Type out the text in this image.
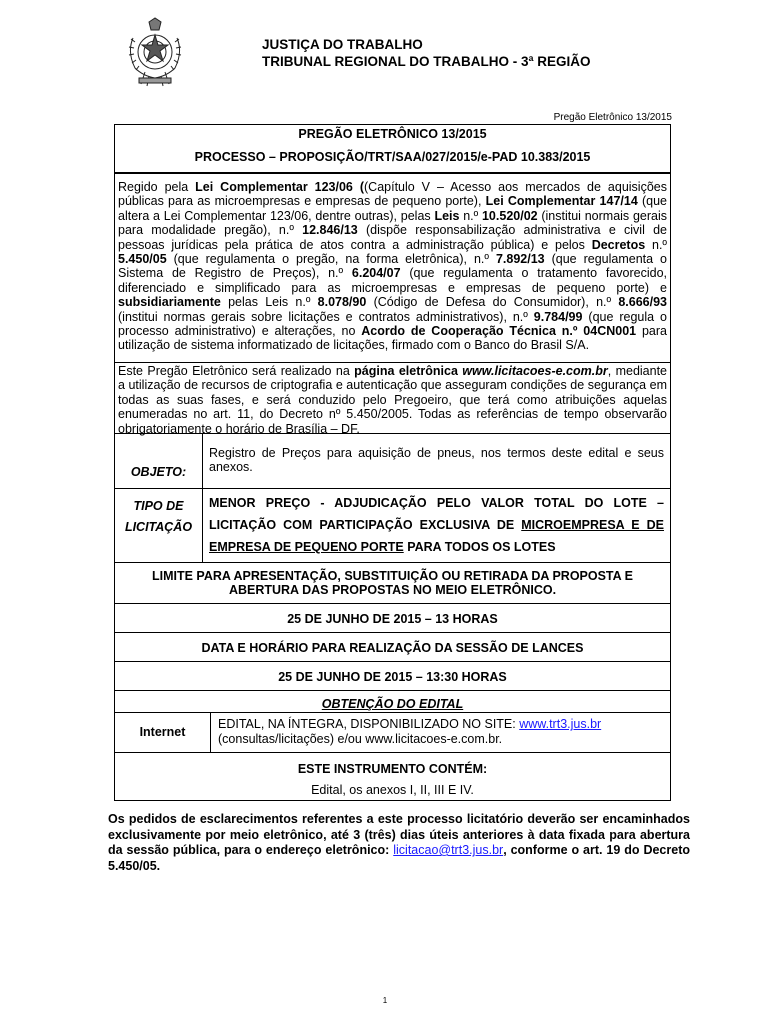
JUSTIÇA DO TRABALHO
TRIBUNAL REGIONAL DO TRABALHO - 3ª REGIÃO
Pregão Eletrônico 13/2015
PREGÃO ELETRÔNICO 13/2015
PROCESSO – PROPOSIÇÃO/TRT/SAA/027/2015/e-PAD 10.383/2015
Regido pela Lei Complementar 123/06 ((Capítulo V – Acesso aos mercados de aquisições públicas para as microempresas e empresas de pequeno porte), Lei Complementar 147/14 (que altera a Lei Complementar 123/06, dentre outras), pelas Leis n.º 10.520/02 (institui normais gerais para modalidade pregão), n.º 12.846/13 (dispõe responsabilização administrativa e civil de pessoas jurídicas pela prática de atos contra a administração pública) e pelos Decretos n.º 5.450/05 (que regulamenta o pregão, na forma eletrônica), n.º 7.892/13 (que regulamenta o Sistema de Registro de Preços), n.º 6.204/07 (que regulamenta o tratamento favorecido, diferenciado e simplificado para as microempresas e empresas de pequeno porte) e subsidiariamente pelas Leis n.º 8.078/90 (Código de Defesa do Consumidor), n.º 8.666/93 (institui normas gerais sobre licitações e contratos administrativos), n.º 9.784/99 (que regula o processo administrativo) e alterações, no Acordo de Cooperação Técnica n.º 04CN001 para utilização de sistema informatizado de licitações, firmado com o Banco do Brasil S/A.
Este Pregão Eletrônico será realizado na página eletrônica www.licitacoes-e.com.br, mediante a utilização de recursos de criptografia e autenticação que asseguram condições de segurança em todas as suas fases, e será conduzido pelo Pregoeiro, que terá como atribuições aquelas enumeradas no art. 11, do Decreto nº 5.450/2005. Todas as referências de tempo observarão obrigatoriamente o horário de Brasília – DF.
OBJETO:
Registro de Preços para aquisição de pneus, nos termos deste edital e seus anexos.
TIPO DE
LICITAÇÃO
MENOR PREÇO - ADJUDICAÇÃO PELO VALOR TOTAL DO LOTE – LICITAÇÃO COM PARTICIPAÇÃO EXCLUSIVA DE MICROEMPRESA E DE EMPRESA DE PEQUENO PORTE PARA TODOS OS LOTES
LIMITE PARA APRESENTAÇÃO, SUBSTITUIÇÃO OU RETIRADA DA PROPOSTA E
ABERTURA DAS PROPOSTAS NO MEIO ELETRÔNICO.
25 DE JUNHO DE 2015 – 13 HORAS
DATA E HORÁRIO PARA REALIZAÇÃO DA SESSÃO DE LANCES
25 DE JUNHO DE 2015 – 13:30 HORAS
OBTENÇÃO DO EDITAL
Internet
EDITAL, NA ÍNTEGRA, DISPONIBILIZADO NO SITE: www.trt3.jus.br
(consultas/licitações) e/ou www.licitacoes-e.com.br.
ESTE INSTRUMENTO CONTÉM:
Edital, os anexos I, II, III E IV.
Os pedidos de esclarecimentos referentes a este processo licitatório deverão ser encaminhados exclusivamente por meio eletrônico, até 3 (três) dias úteis anteriores à data fixada para abertura da sessão pública, para o endereço eletrônico: licitacao@trt3.jus.br, conforme o art. 19 do Decreto 5.450/05.
1
